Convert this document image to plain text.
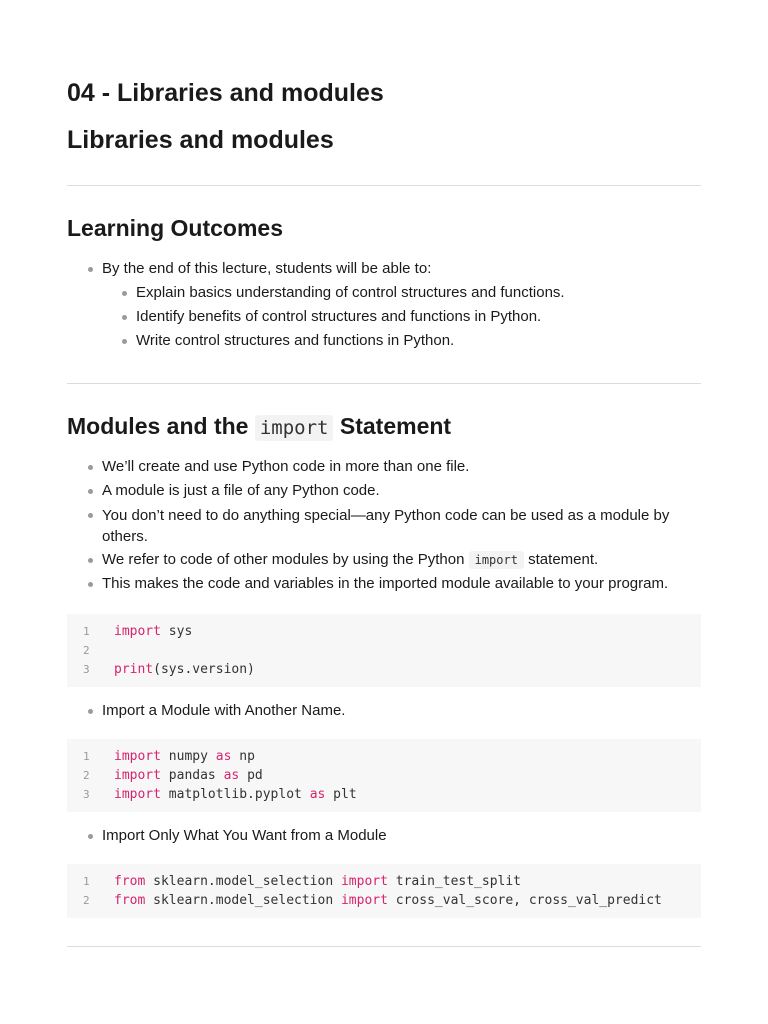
04 - Libraries and modules
Libraries and modules
Learning Outcomes
By the end of this lecture, students will be able to:
Explain basics understanding of control structures and functions.
Identify benefits of control structures and functions in Python.
Write control structures and functions in Python.
Modules and the import Statement
We’ll create and use Python code in more than one file.
A module is just a file of any Python code.
You don’t need to do anything special—any Python code can be used as a module by others.
We refer to code of other modules by using the Python import statement.
This makes the code and variables in the imported module available to your program.
1	import sys
2
3	print(sys.version)
Import a Module with Another Name.
1	import numpy as np
2	import pandas as pd
3	import matplotlib.pyplot as plt
Import Only What You Want from a Module
1	from sklearn.model_selection import train_test_split
2	from sklearn.model_selection import cross_val_score, cross_val_predict
